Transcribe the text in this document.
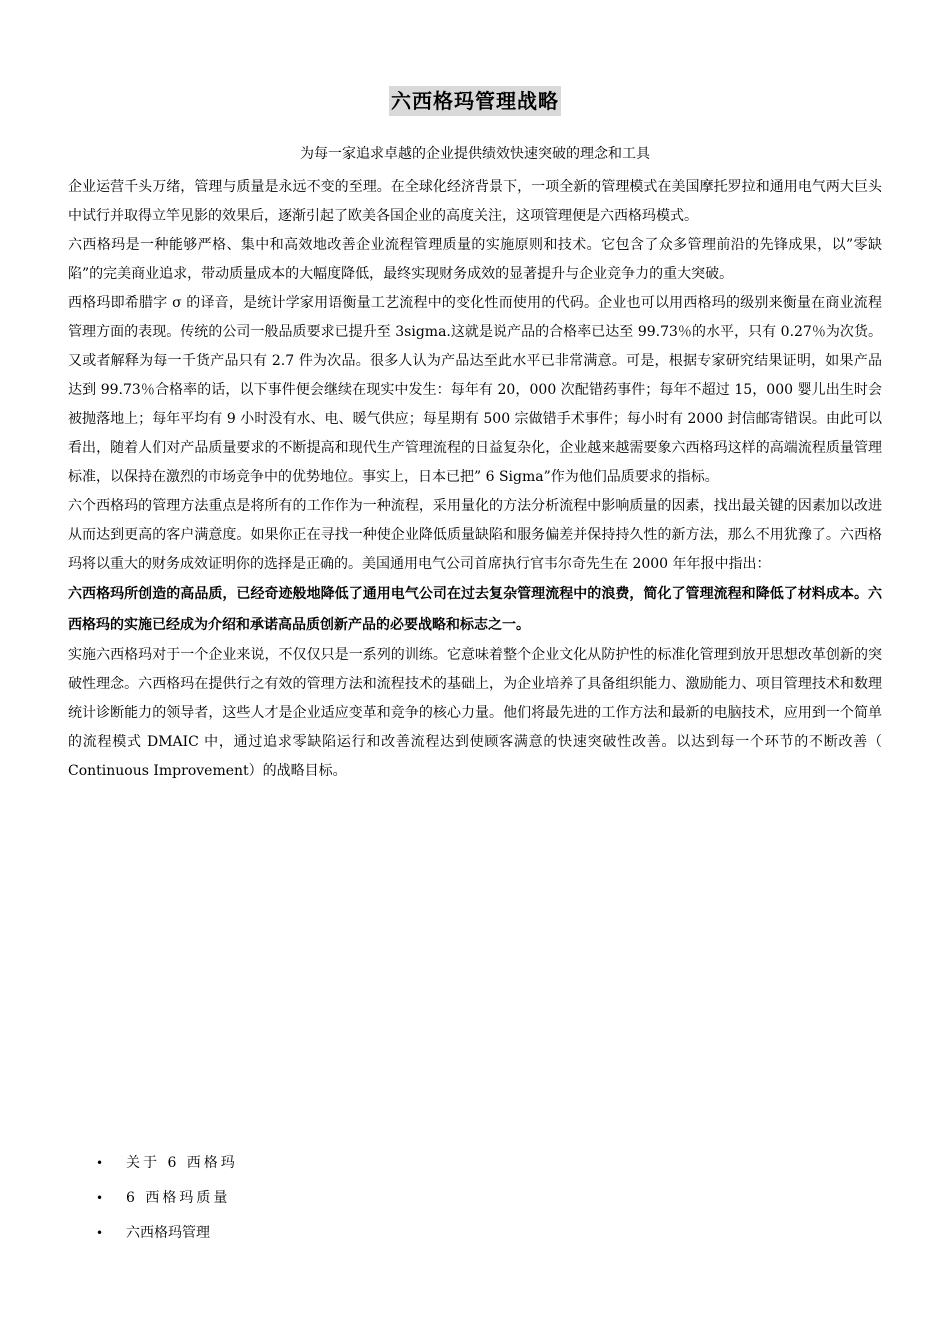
六西格玛管理战略
为每一家追求卓越的企业提供绩效快速突破的理念和工具

企业运营千头万绪，管理与质量是永远不变的至理。在全球化经济背景下，一项全新的管理模式在美国摩托罗拉和通用电气两大巨头中试行并取得立竿见影的效果后，逐渐引起了欧美各国企业的高度关注，这项管理便是六西格玛模式。

六西格玛是一种能够严格、集中和高效地改善企业流程管理质量的实施原则和技术。它包含了众多管理前沿的先锋成果，以”零缺陷”的完美商业追求，带动质量成本的大幅度降低，最终实现财务成效的显著提升与企业竞争力的重大突破。

西格玛即希腊字 σ 的译音，是统计学家用语衡量工艺流程中的变化性而使用的代码。企业也可以用西格玛的级别来衡量在商业流程管理方面的表现。传统的公司一般品质要求已提升至 3sigma.这就是说产品的合格率已达至 99.73％的水平，只有 0.27％为次货。又或者解释为每一千货产品只有 2.7 件为次品。很多人认为产品达至此水平已非常满意。可是，根据专家研究结果证明，如果产品达到 99.73％合格率的话，以下事件便会继续在现实中发生：每年有 20，000 次配错药事件；每年不超过 15，000 婴儿出生时会被抛落地上；每年平均有 9 小时没有水、电、暖气供应；每星期有 500 宗做错手术事件；每小时有 2000 封信邮寄错误。由此可以看出，随着人们对产品质量要求的不断提高和现代生产管理流程的日益复杂化，企业越来越需要象六西格玛这样的高端流程质量管理标准，以保持在激烈的市场竞争中的优势地位。事实上，日本已把” 6 Sigma”作为他们品质要求的指标。

六个西格玛的管理方法重点是将所有的工作作为一种流程，采用量化的方法分析流程中影响质量的因素，找出最关键的因素加以改进从而达到更高的客户满意度。如果你正在寻找一种使企业降低质量缺陷和服务偏差并保持持久性的新方法，那么不用犹豫了。六西格玛将以重大的财务成效证明你的选择是正确的。美国通用电气公司首席执行官韦尔奇先生在 2000 年年报中指出：

六西格玛所创造的高品质，已经奇迹般地降低了通用电气公司在过去复杂管理流程中的浪费，简化了管理流程和降低了材料成本。六西格玛的实施已经成为介绍和承诺高品质创新产品的必要战略和标志之一。

实施六西格玛对于一个企业来说，不仅仅只是一系列的训练。它意味着整个企业文化从防护性的标准化管理到放开思想改革创新的突破性理念。六西格玛在提供行之有效的管理方法和流程技术的基础上，为企业培养了具备组织能力、激励能力、项目管理技术和数理统计诊断能力的领导者，这些人才是企业适应变革和竞争的核心力量。他们将最先进的工作方法和最新的电脑技术，应用到一个简单的流程模式 DMAIC 中，通过追求零缺陷运行和改善流程达到使顾客满意的快速突破性改善。以达到每一个环节的不断改善（ Continuous Improvement）的战略目标。

• 关于 6 西格玛
• 6 西格玛质量
• 六西格玛管理
